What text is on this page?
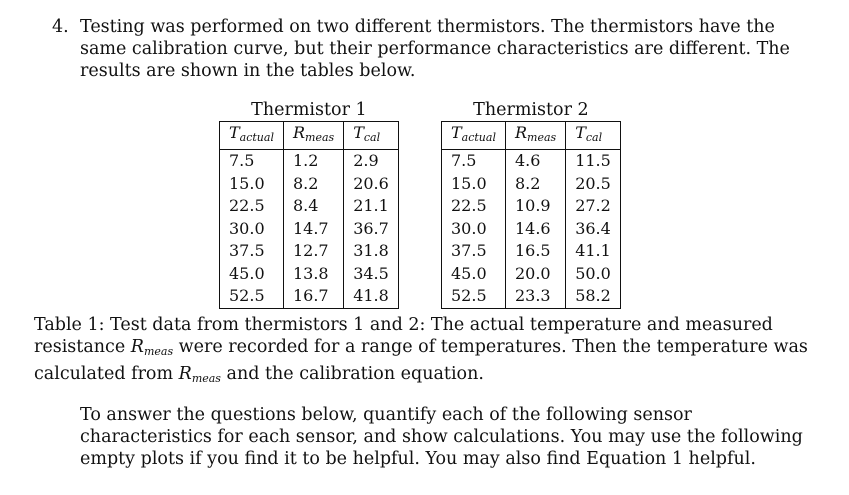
4. Testing was performed on two different thermistors. The thermistors have the same calibration curve, but their performance characteristics are different. The results are shown in the tables below.
Thermistor 1
$T_{actual}$	$R_{meas}$	$T_{cal}$
7.5	1.2	2.9
15.0	8.2	20.6
22.5	8.4	21.1
30.0	14.7	36.7
37.5	12.7	31.8
45.0	13.8	34.5
52.5	16.7	41.8
Thermistor 2
$T_{actual}$	$R_{meas}$	$T_{cal}$
7.5	4.6	11.5
15.0	8.2	20.5
22.5	10.9	27.2
30.0	14.6	36.4
37.5	16.5	41.1
45.0	20.0	50.0
52.5	23.3	58.2
Table 1: Test data from thermistors 1 and 2: The actual temperature and measured resistance $R_{meas}$ were recorded for a range of temperatures. Then the temperature was calculated from $R_{meas}$ and the calibration equation.
To answer the questions below, quantify each of the following sensor characteristics for each sensor, and show calculations. You may use the following empty plots if you find it to be helpful. You may also find Equation 1 helpful.
